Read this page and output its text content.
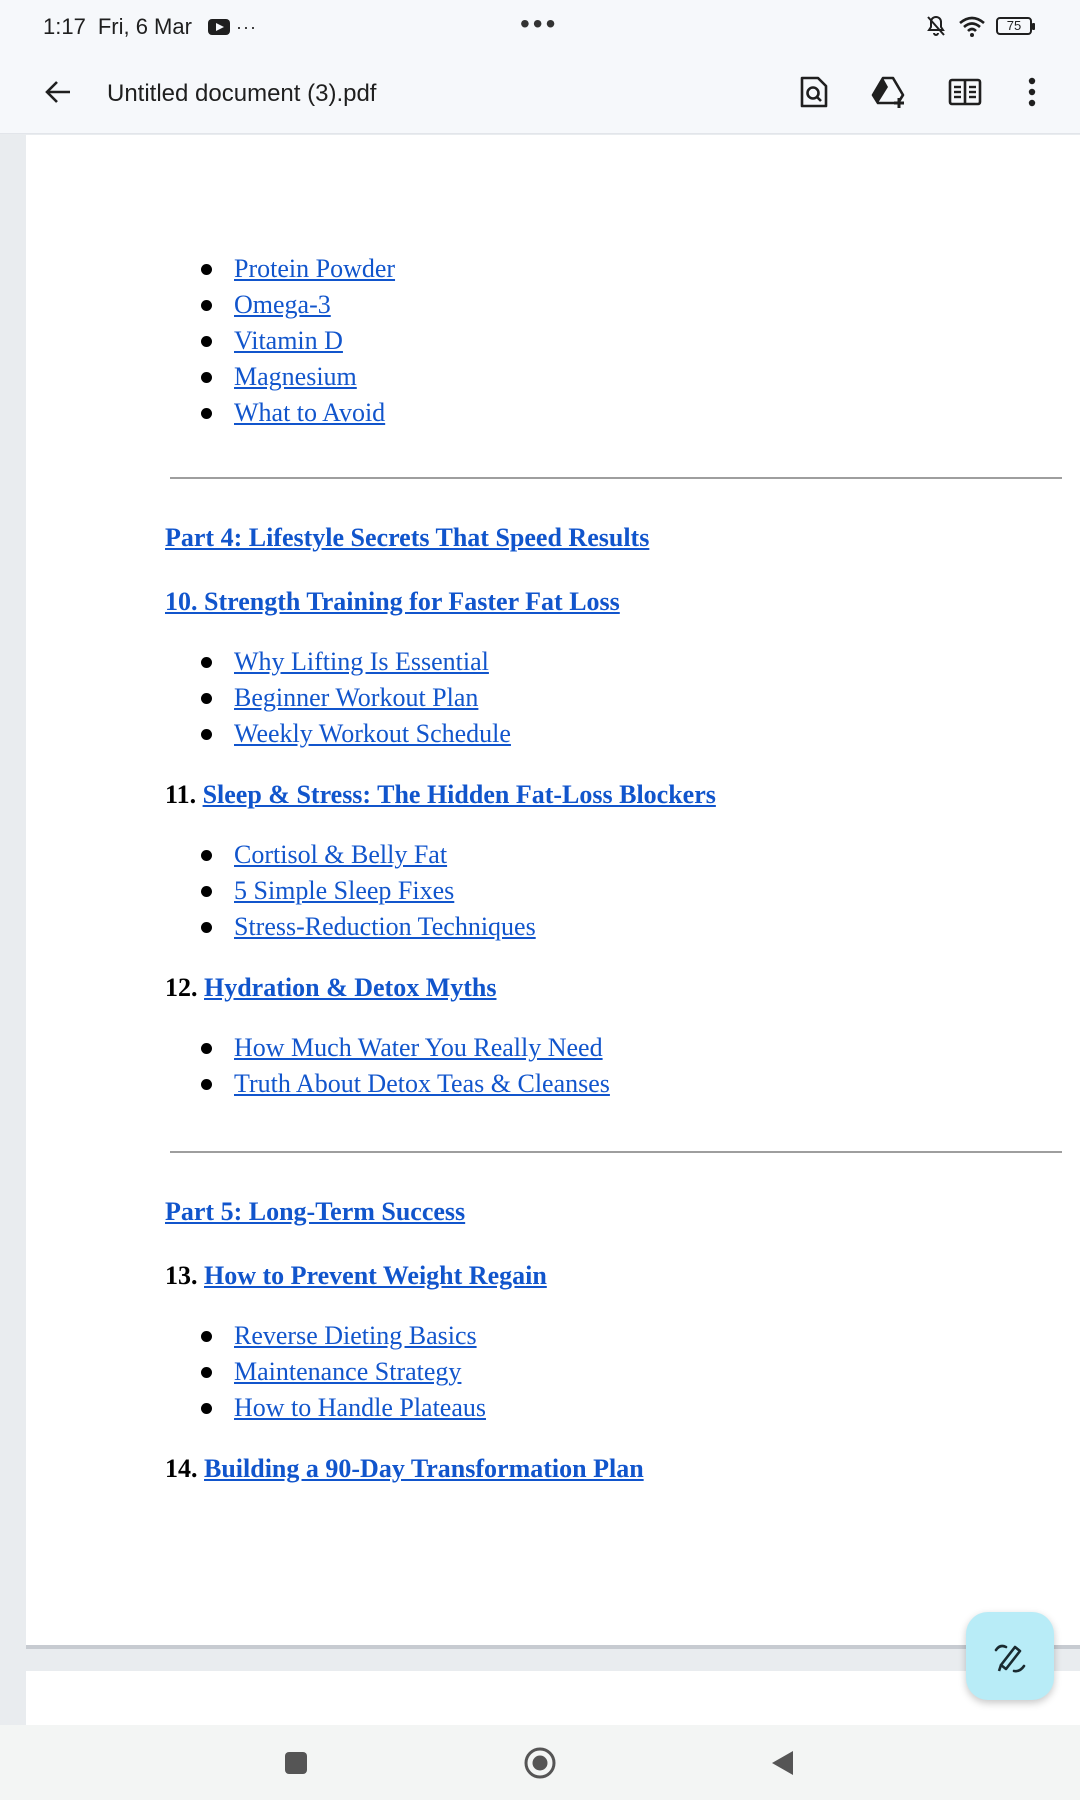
1:17 Fri, 6 Mar ···	•••	75
Untitled document (3).pdf
Protein Powder
Omega-3
Vitamin D
Magnesium
What to Avoid
Part 4: Lifestyle Secrets That Speed Results
10. Strength Training for Faster Fat Loss
Why Lifting Is Essential
Beginner Workout Plan
Weekly Workout Schedule
11. Sleep & Stress: The Hidden Fat-Loss Blockers
Cortisol & Belly Fat
5 Simple Sleep Fixes
Stress-Reduction Techniques
12. Hydration & Detox Myths
How Much Water You Really Need
Truth About Detox Teas & Cleanses
Part 5: Long-Term Success
13. How to Prevent Weight Regain
Reverse Dieting Basics
Maintenance Strategy
How to Handle Plateaus
14. Building a 90-Day Transformation Plan
